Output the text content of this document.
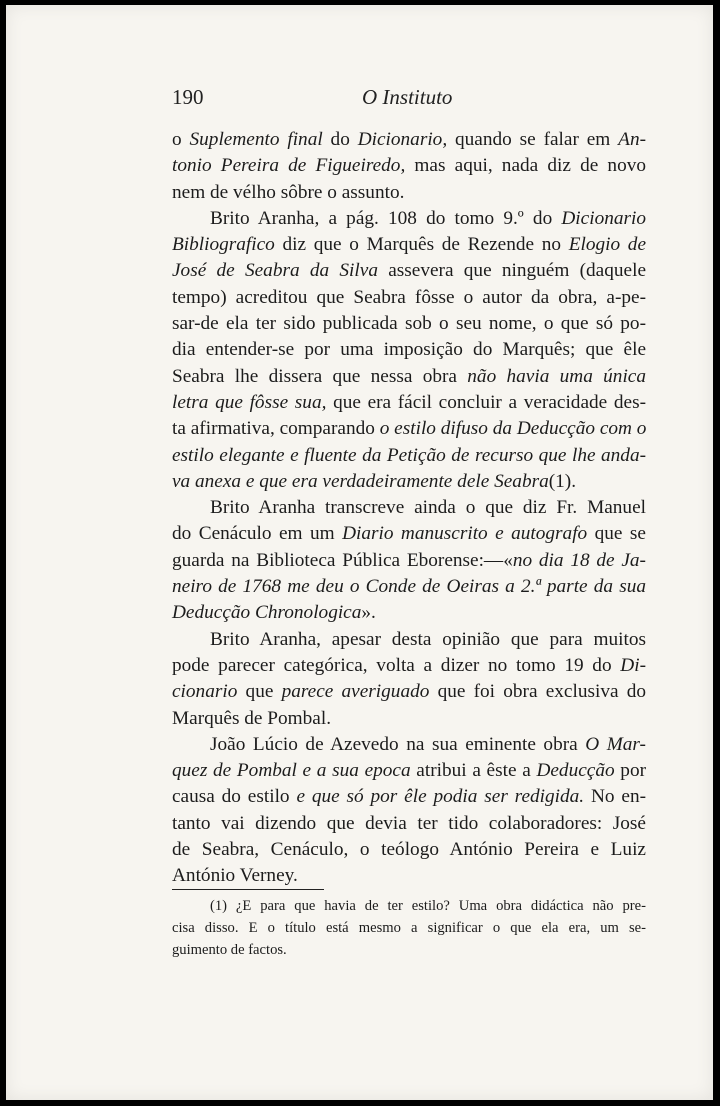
190	O Instituto
o Suplemento final do Dicionario, quando se falar em An-
tonio Pereira de Figueiredo, mas aqui, nada diz de novo
nem de vélho sôbre o assunto.
Brito Aranha, a pág. 108 do tomo 9.º do Dicionario
Bibliografico diz que o Marquês de Rezende no Elogio de
José de Seabra da Silva assevera que ninguém (daquele
tempo) acreditou que Seabra fôsse o autor da obra, a-pe-
sar-de ela ter sido publicada sob o seu nome, o que só po-
dia entender-se por uma imposição do Marquês; que êle
Seabra lhe dissera que nessa obra não havia uma única
letra que fôsse sua, que era fácil concluir a veracidade des-
ta afirmativa, comparando o estilo difuso da Deducção com o
estilo elegante e fluente da Petição de recurso que lhe anda-
va anexa e que era verdadeiramente dele Seabra(1).
Brito Aranha transcreve ainda o que diz Fr. Manuel
do Cenáculo em um Diario manuscrito e autografo que se
guarda na Biblioteca Pública Eborense:—«no dia 18 de Ja-
neiro de 1768 me deu o Conde de Oeiras a 2.ª parte da sua
Deducção Chronologica».
Brito Aranha, apesar desta opinião que para muitos
pode parecer categórica, volta a dizer no tomo 19 do Di-
cionario que parece averiguado que foi obra exclusiva do
Marquês de Pombal.
João Lúcio de Azevedo na sua eminente obra O Mar-
quez de Pombal e a sua epoca atribui a êste a Deducção por
causa do estilo e que só por êle podia ser redigida. No en-
tanto vai dizendo que devia ter tido colaboradores: José
de Seabra, Cenáculo, o teólogo António Pereira e Luiz
António Verney.
(1) ¿E para que havia de ter estilo? Uma obra didáctica não pre-
cisa disso. E o título está mesmo a significar o que ela era, um se-
guimento de factos.
